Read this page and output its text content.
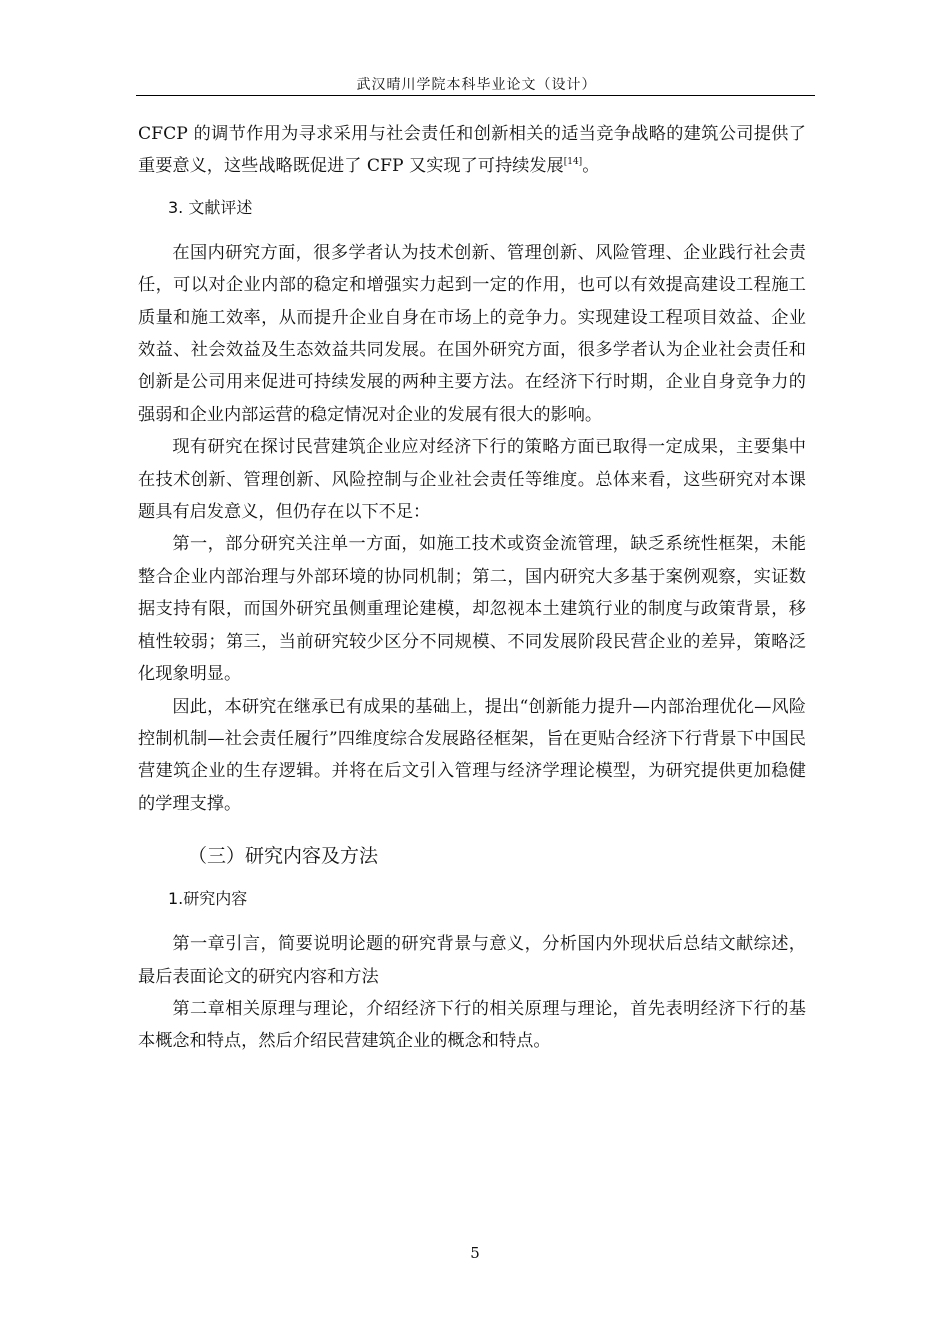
武汉晴川学院本科毕业论文（设计）

CFCP 的调节作用为寻求采用与社会责任和创新相关的适当竞争战略的建筑公司提供了重要意义，这些战略既促进了 CFP 又实现了可持续发展[14]。

3. 文献评述

在国内研究方面，很多学者认为技术创新、管理创新、风险管理、企业践行社会责任，可以对企业内部的稳定和增强实力起到一定的作用，也可以有效提高建设工程施工质量和施工效率，从而提升企业自身在市场上的竞争力。实现建设工程项目效益、企业效益、社会效益及生态效益共同发展。在国外研究方面，很多学者认为企业社会责任和创新是公司用来促进可持续发展的两种主要方法。在经济下行时期，企业自身竞争力的强弱和企业内部运营的稳定情况对企业的发展有很大的影响。

现有研究在探讨民营建筑企业应对经济下行的策略方面已取得一定成果，主要集中在技术创新、管理创新、风险控制与企业社会责任等维度。总体来看，这些研究对本课题具有启发意义，但仍存在以下不足：

第一，部分研究关注单一方面，如施工技术或资金流管理，缺乏系统性框架，未能整合企业内部治理与外部环境的协同机制；第二，国内研究大多基于案例观察，实证数据支持有限，而国外研究虽侧重理论建模，却忽视本土建筑行业的制度与政策背景，移植性较弱；第三，当前研究较少区分不同规模、不同发展阶段民营企业的差异，策略泛化现象明显。

因此，本研究在继承已有成果的基础上，提出“创新能力提升—内部治理优化—风险控制机制—社会责任履行”四维度综合发展路径框架，旨在更贴合经济下行背景下中国民营建筑企业的生存逻辑。并将在后文引入管理与经济学理论模型，为研究提供更加稳健的学理支撑。

（三）研究内容及方法
1.研究内容

第一章引言，简要说明论题的研究背景与意义，分析国内外现状后总结文献综述，最后表面论文的研究内容和方法

第二章相关原理与理论，介绍经济下行的相关原理与理论，首先表明经济下行的基本概念和特点，然后介绍民营建筑企业的概念和特点。

5
